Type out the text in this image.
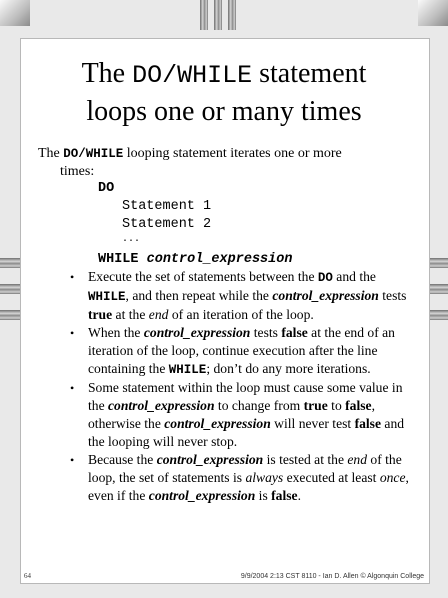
The DO/WHILE statement
loops one or many times
The DO/WHILE looping statement iterates one or more
times:
DO
Statement 1
Statement 2
...
WHILE control_expression
• Execute the set of statements between the DO and the WHILE, and then repeat while the control_expression tests true at the end of an iteration of the loop.
• When the control_expression tests false at the end of an iteration of the loop, continue execution after the line containing the WHILE; don’t do any more iterations.
• Some statement within the loop must cause some value in the control_expression to change from true to false, otherwise the control_expression will never test false and the looping will never stop.
• Because the control_expression is tested at the end of the loop, the set of statements is always executed at least once, even if the control_expression is false.
64	9/9/2004 2:13 CST 8110 - Ian D. Allen © Algonquin College
